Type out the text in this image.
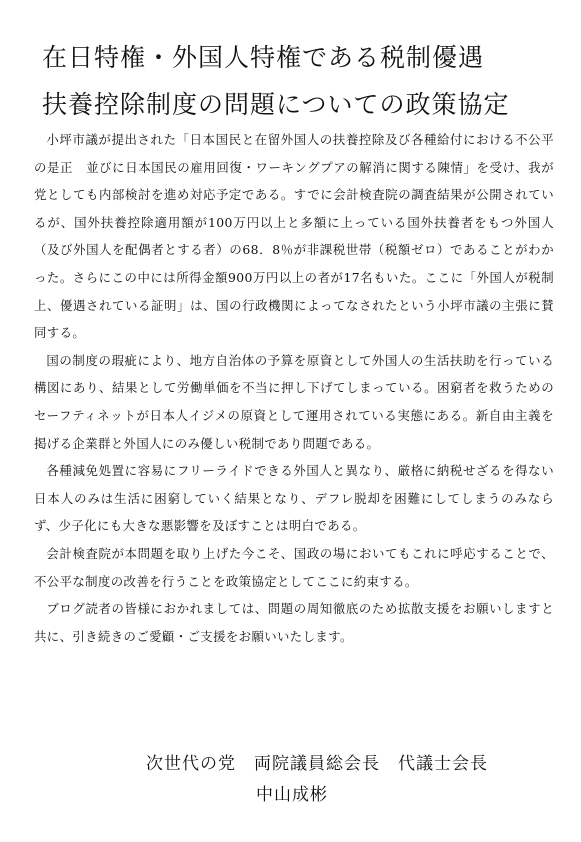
在日特権・外国人特権である税制優遇
扶養控除制度の問題についての政策協定

小坪市議が提出された「日本国民と在留外国人の扶養控除及び各種給付における不公平の是正　並びに日本国民の雇用回復・ワーキングプアの解消に関する陳情」を受け、我が党としても内部検討を進め対応予定である。すでに会計検査院の調査結果が公開されているが、国外扶養控除適用額が100万円以上と多額に上っている国外扶養者をもつ外国人（及び外国人を配偶者とする者）の68．8％が非課税世帯（税額ゼロ）であることがわかった。さらにこの中には所得金額900万円以上の者が17名もいた。ここに「外国人が税制上、優遇されている証明」は、国の行政機関によってなされたという小坪市議の主張に賛同する。

国の制度の瑕疵により、地方自治体の予算を原資として外国人の生活扶助を行っている構図にあり、結果として労働単価を不当に押し下げてしまっている。困窮者を救うためのセーフティネットが日本人イジメの原資として運用されている実態にある。新自由主義を掲げる企業群と外国人にのみ優しい税制であり問題である。

各種減免処置に容易にフリーライドできる外国人と異なり、厳格に納税せざるを得ない日本人のみは生活に困窮していく結果となり、デフレ脱却を困難にしてしまうのみならず、少子化にも大きな悪影響を及ぼすことは明白である。

会計検査院が本問題を取り上げた今こそ、国政の場においてもこれに呼応することで、不公平な制度の改善を行うことを政策協定としてここに約束する。

ブログ読者の皆様におかれましては、問題の周知徹底のため拡散支援をお願いしますと共に、引き続きのご愛顧・ご支援をお願いいたします。

次世代の党　両院議員総会長　代議士会長
中山成彬
